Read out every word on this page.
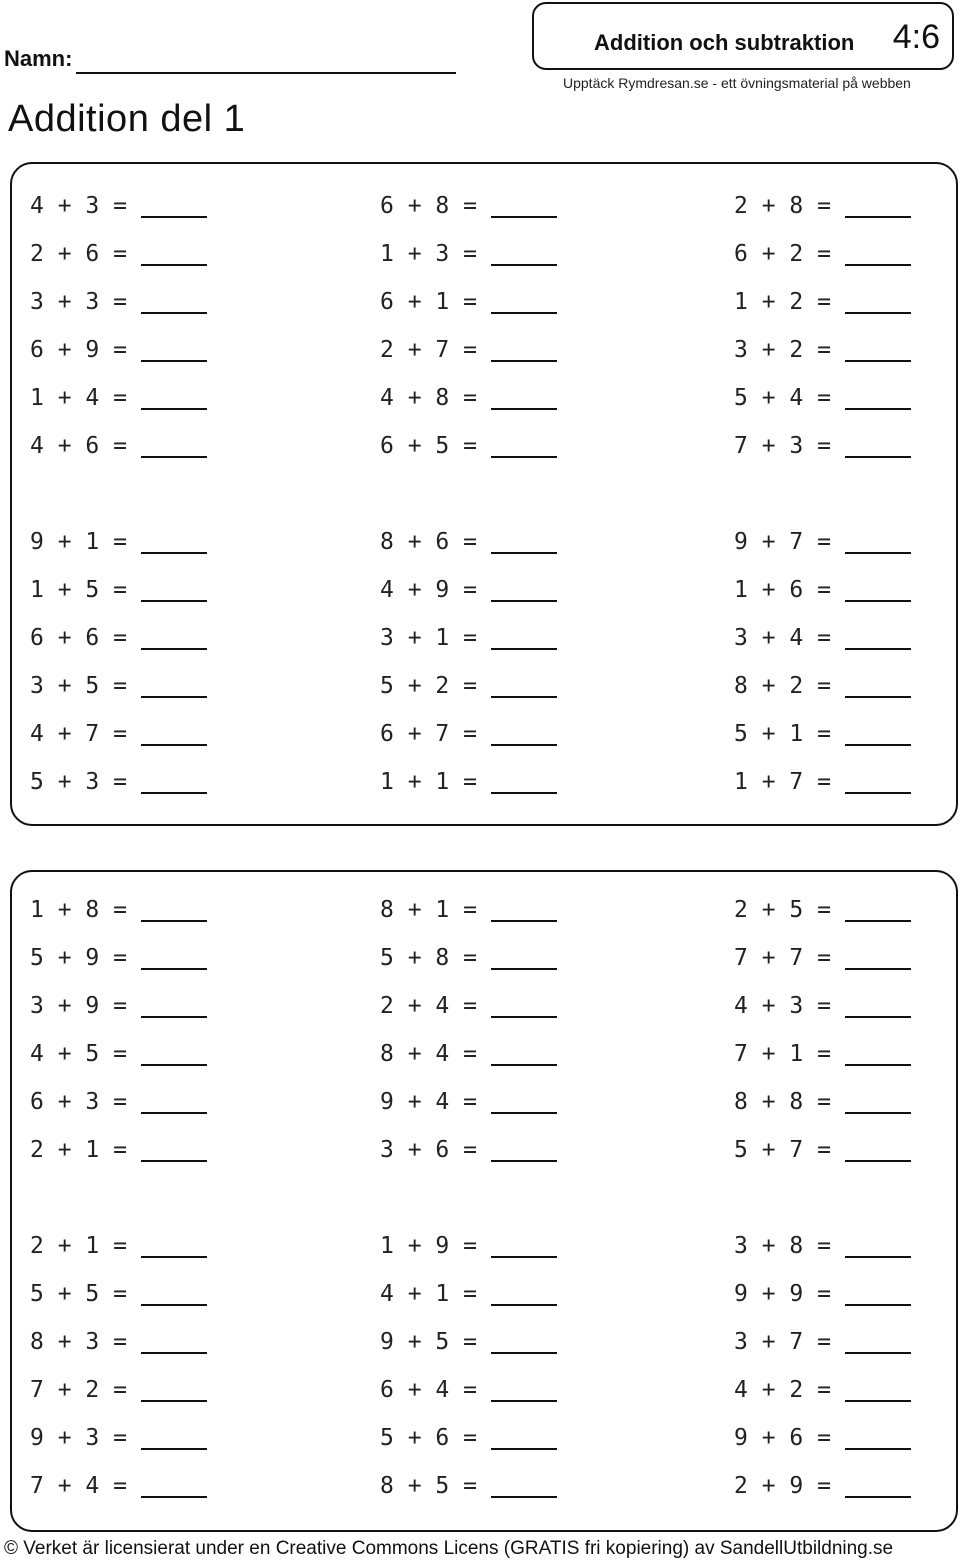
Namn:
Addition del 1
Addition och subtraktion 4:6
Upptäck Rymdresan.se - ett övningsmaterial på webben
4 + 3 =
2 + 6 =
3 + 3 =
6 + 9 =
1 + 4 =
4 + 6 =
6 + 8 =
1 + 3 =
6 + 1 =
2 + 7 =
4 + 8 =
6 + 5 =
2 + 8 =
6 + 2 =
1 + 2 =
3 + 2 =
5 + 4 =
7 + 3 =
9 + 1 =
1 + 5 =
6 + 6 =
3 + 5 =
4 + 7 =
5 + 3 =
8 + 6 =
4 + 9 =
3 + 1 =
5 + 2 =
6 + 7 =
1 + 1 =
9 + 7 =
1 + 6 =
3 + 4 =
8 + 2 =
5 + 1 =
1 + 7 =
1 + 8 =
5 + 9 =
3 + 9 =
4 + 5 =
6 + 3 =
2 + 1 =
8 + 1 =
5 + 8 =
2 + 4 =
8 + 4 =
9 + 4 =
3 + 6 =
2 + 5 =
7 + 7 =
4 + 3 =
7 + 1 =
8 + 8 =
5 + 7 =
2 + 1 =
5 + 5 =
8 + 3 =
7 + 2 =
9 + 3 =
7 + 4 =
1 + 9 =
4 + 1 =
9 + 5 =
6 + 4 =
5 + 6 =
8 + 5 =
3 + 8 =
9 + 9 =
3 + 7 =
4 + 2 =
9 + 6 =
2 + 9 =
© Verket är licensierat under en Creative Commons Licens (GRATIS fri kopiering) av SandellUtbildning.se
